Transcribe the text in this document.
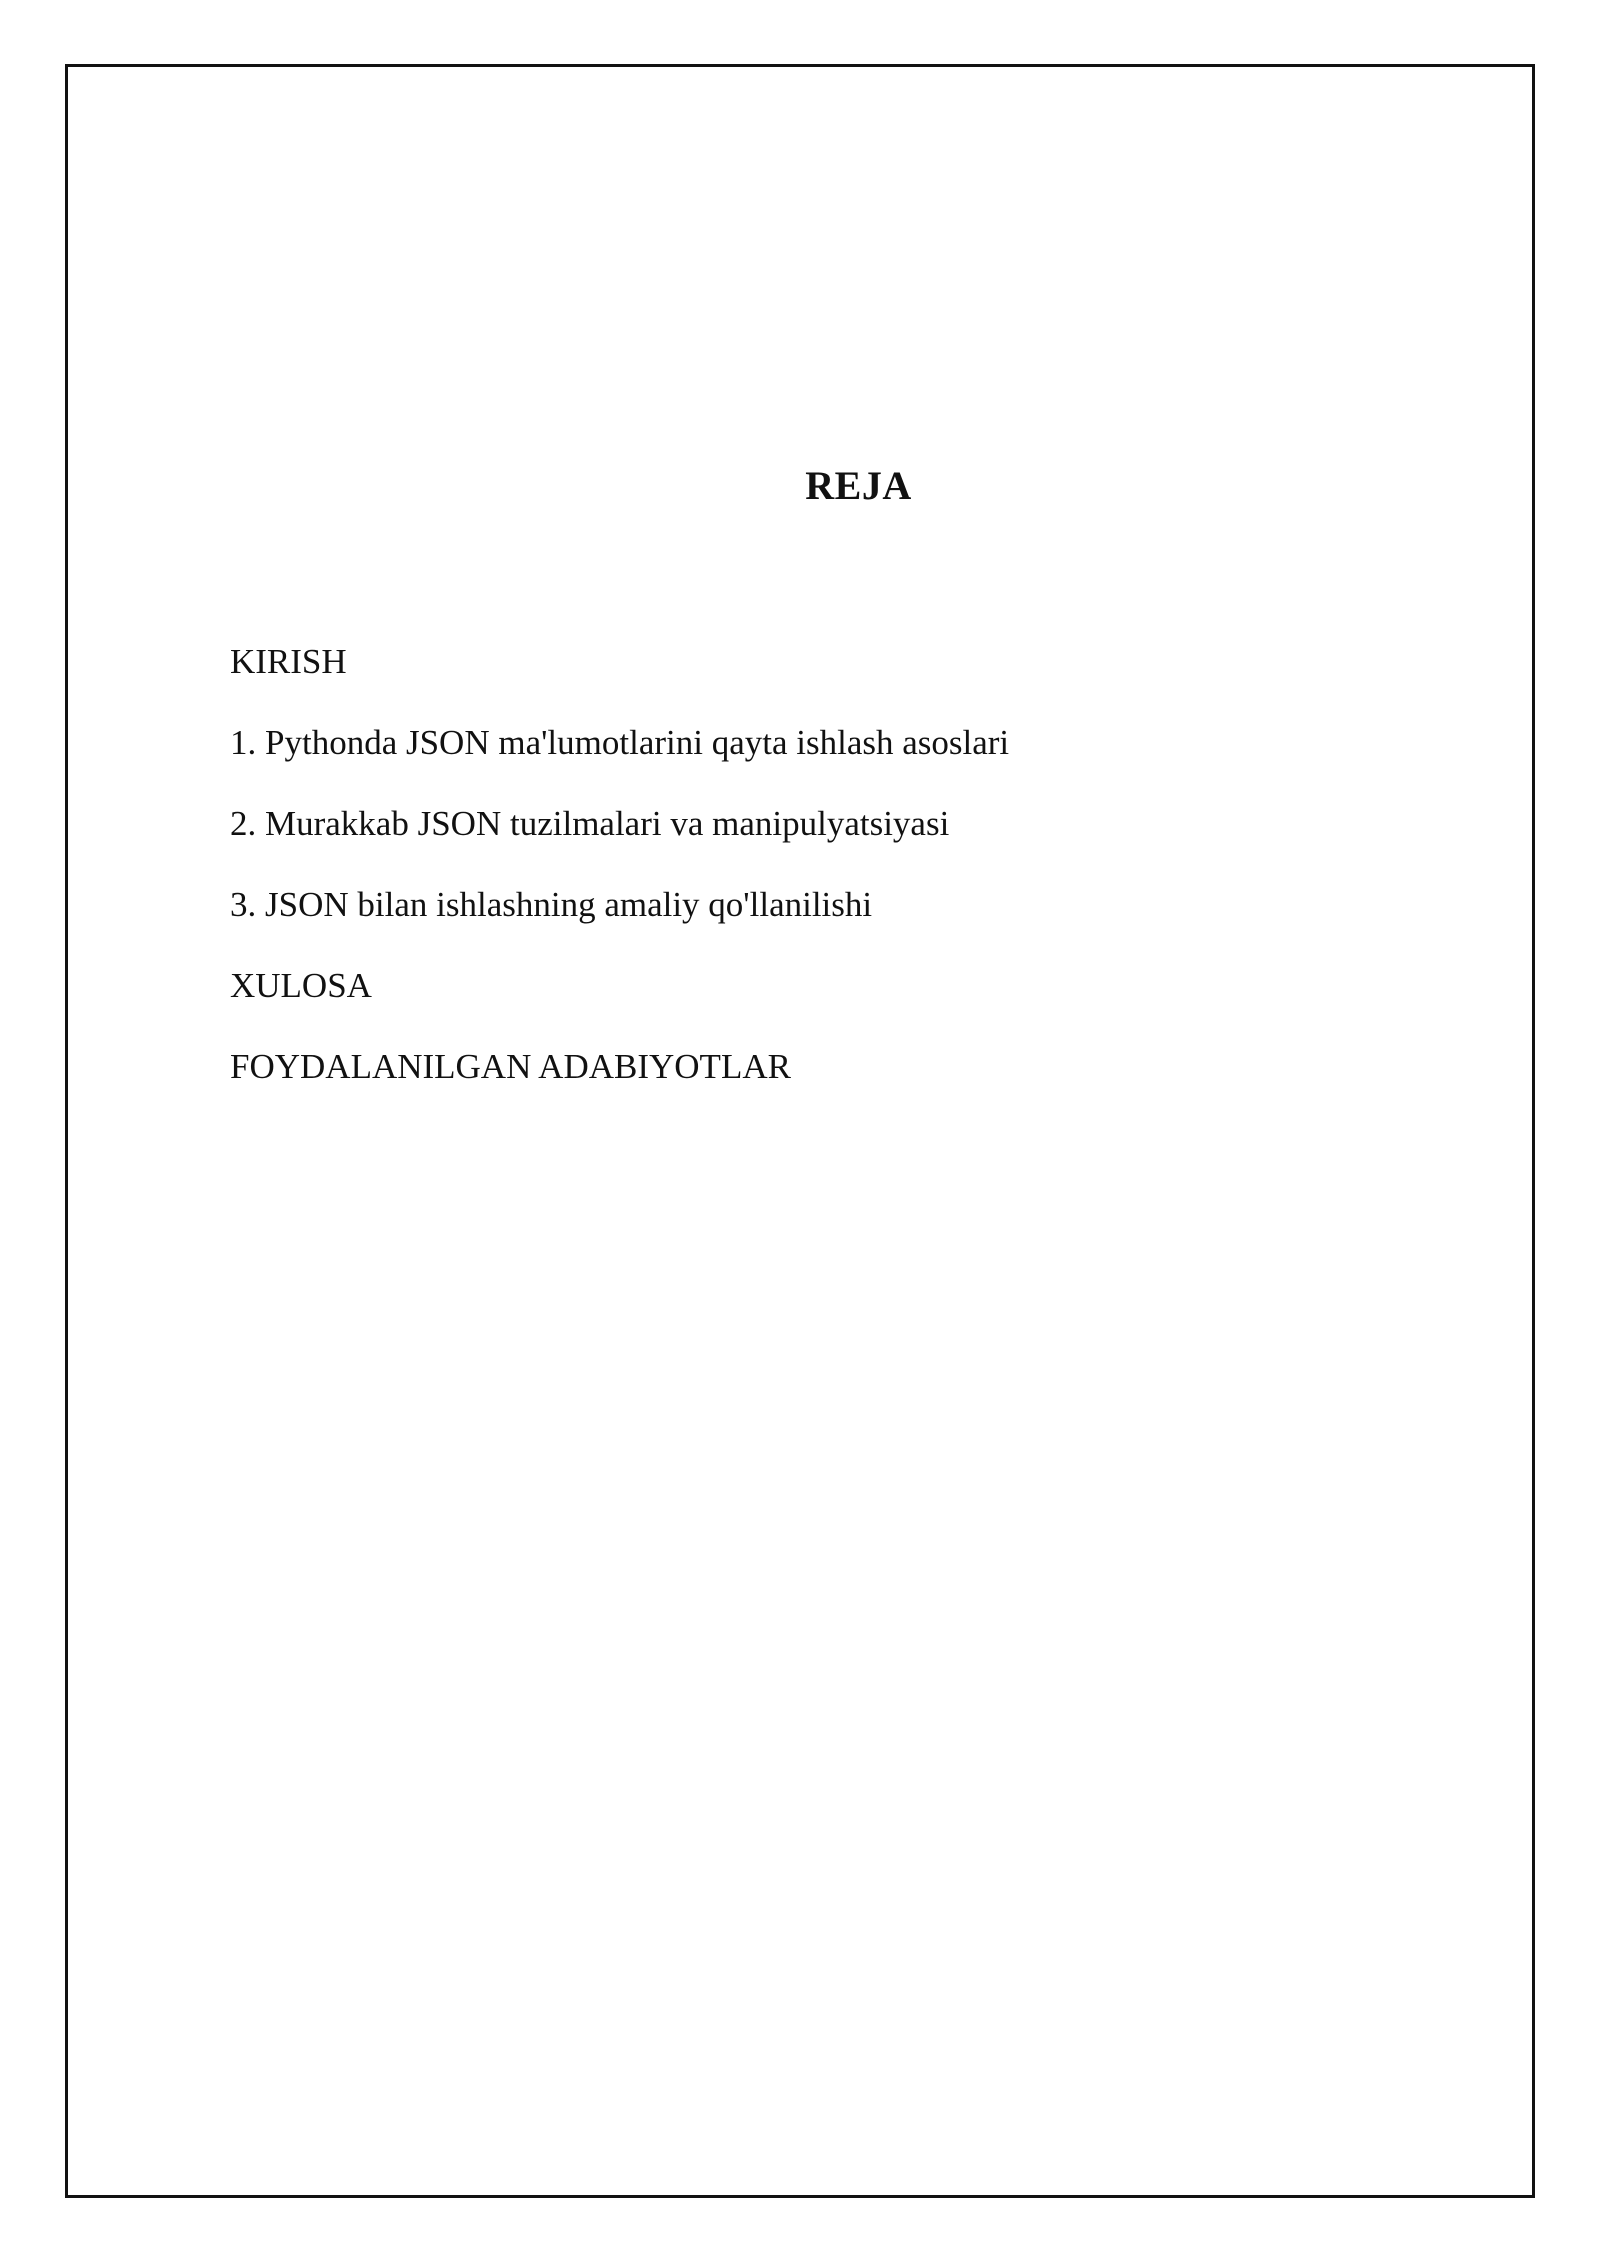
REJA
KIRISH
1. Pythonda JSON ma'lumotlarini qayta ishlash asoslari
2. Murakkab JSON tuzilmalari va manipulyatsiyasi
3. JSON bilan ishlashning amaliy qo'llanilishi
XULOSA
FOYDALANILGAN ADABIYOTLAR
